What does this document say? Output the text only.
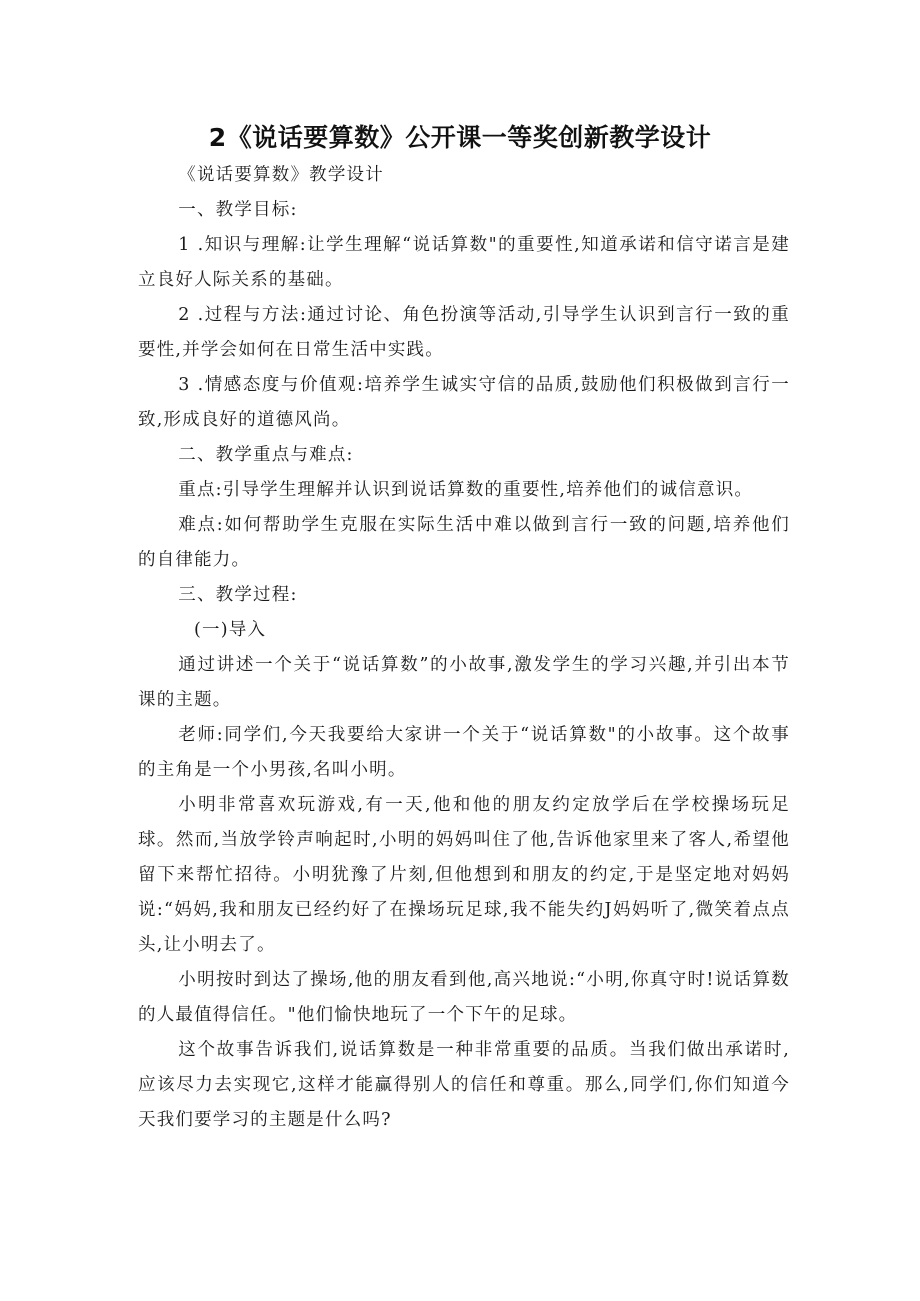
2《说话要算数》公开课一等奖创新教学设计

《说话要算数》教学设计

一、教学目标:

1 .知识与理解:让学生理解“说话算数"的重要性,知道承诺和信守诺言是建立良好人际关系的基础。

2 .过程与方法:通过讨论、角色扮演等活动,引导学生认识到言行一致的重要性,并学会如何在日常生活中实践。

3 .情感态度与价值观:培养学生诚实守信的品质,鼓励他们积极做到言行一致,形成良好的道德风尚。

二、教学重点与难点:

重点:引导学生理解并认识到说话算数的重要性,培养他们的诚信意识。

难点:如何帮助学生克服在实际生活中难以做到言行一致的问题,培养他们的自律能力。

三、教学过程:

(一)导入

通过讲述一个关于“说话算数”的小故事,激发学生的学习兴趣,并引出本节课的主题。

老师:同学们,今天我要给大家讲一个关于“说话算数"的小故事。这个故事的主角是一个小男孩,名叫小明。

小明非常喜欢玩游戏,有一天,他和他的朋友约定放学后在学校操场玩足球。然而,当放学铃声响起时,小明的妈妈叫住了他,告诉他家里来了客人,希望他留下来帮忙招待。小明犹豫了片刻,但他想到和朋友的约定,于是坚定地对妈妈说:“妈妈,我和朋友已经约好了在操场玩足球,我不能失约J妈妈听了,微笑着点点头,让小明去了。

小明按时到达了操场,他的朋友看到他,高兴地说:“小明,你真守时!说话算数的人最值得信任。"他们愉快地玩了一个下午的足球。

这个故事告诉我们,说话算数是一种非常重要的品质。当我们做出承诺时,应该尽力去实现它,这样才能赢得别人的信任和尊重。那么,同学们,你们知道今天我们要学习的主题是什么吗?
